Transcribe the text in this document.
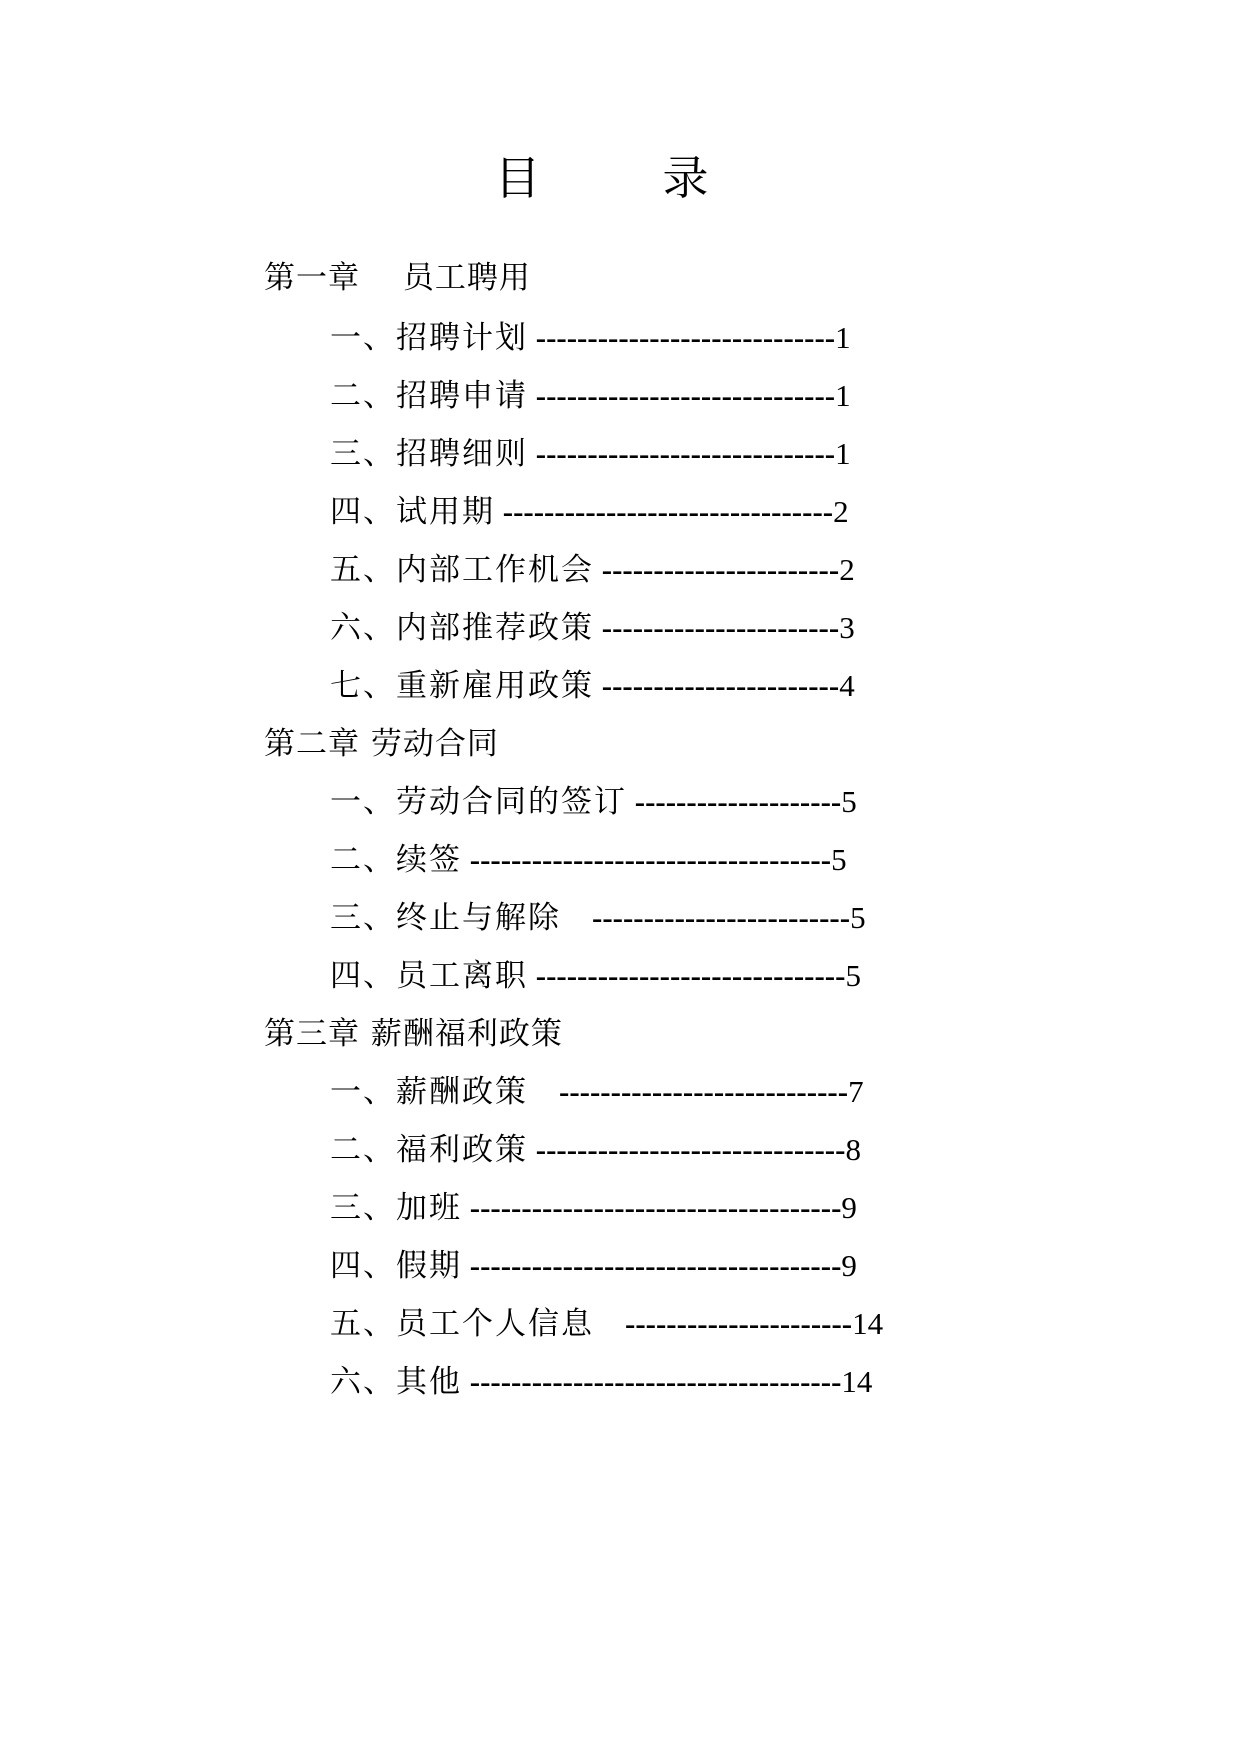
目　录
第一章　 员工聘用
一、招聘计划 -----------------------------1
二、招聘申请 -----------------------------1
三、招聘细则 -----------------------------1
四、试用期 --------------------------------2
五、内部工作机会 -----------------------2
六、内部推荐政策 -----------------------3
七、重新雇用政策 -----------------------4
第二章 劳动合同
一、劳动合同的签订 --------------------5
二、续签 -----------------------------------5
三、终止与解除　-------------------------5
四、员工离职 ------------------------------5
第三章 薪酬福利政策
一、薪酬政策　----------------------------7
二、福利政策 ------------------------------8
三、加班 ------------------------------------9
四、假期 ------------------------------------9
五、员工个人信息　----------------------14
六、其他 ------------------------------------14
